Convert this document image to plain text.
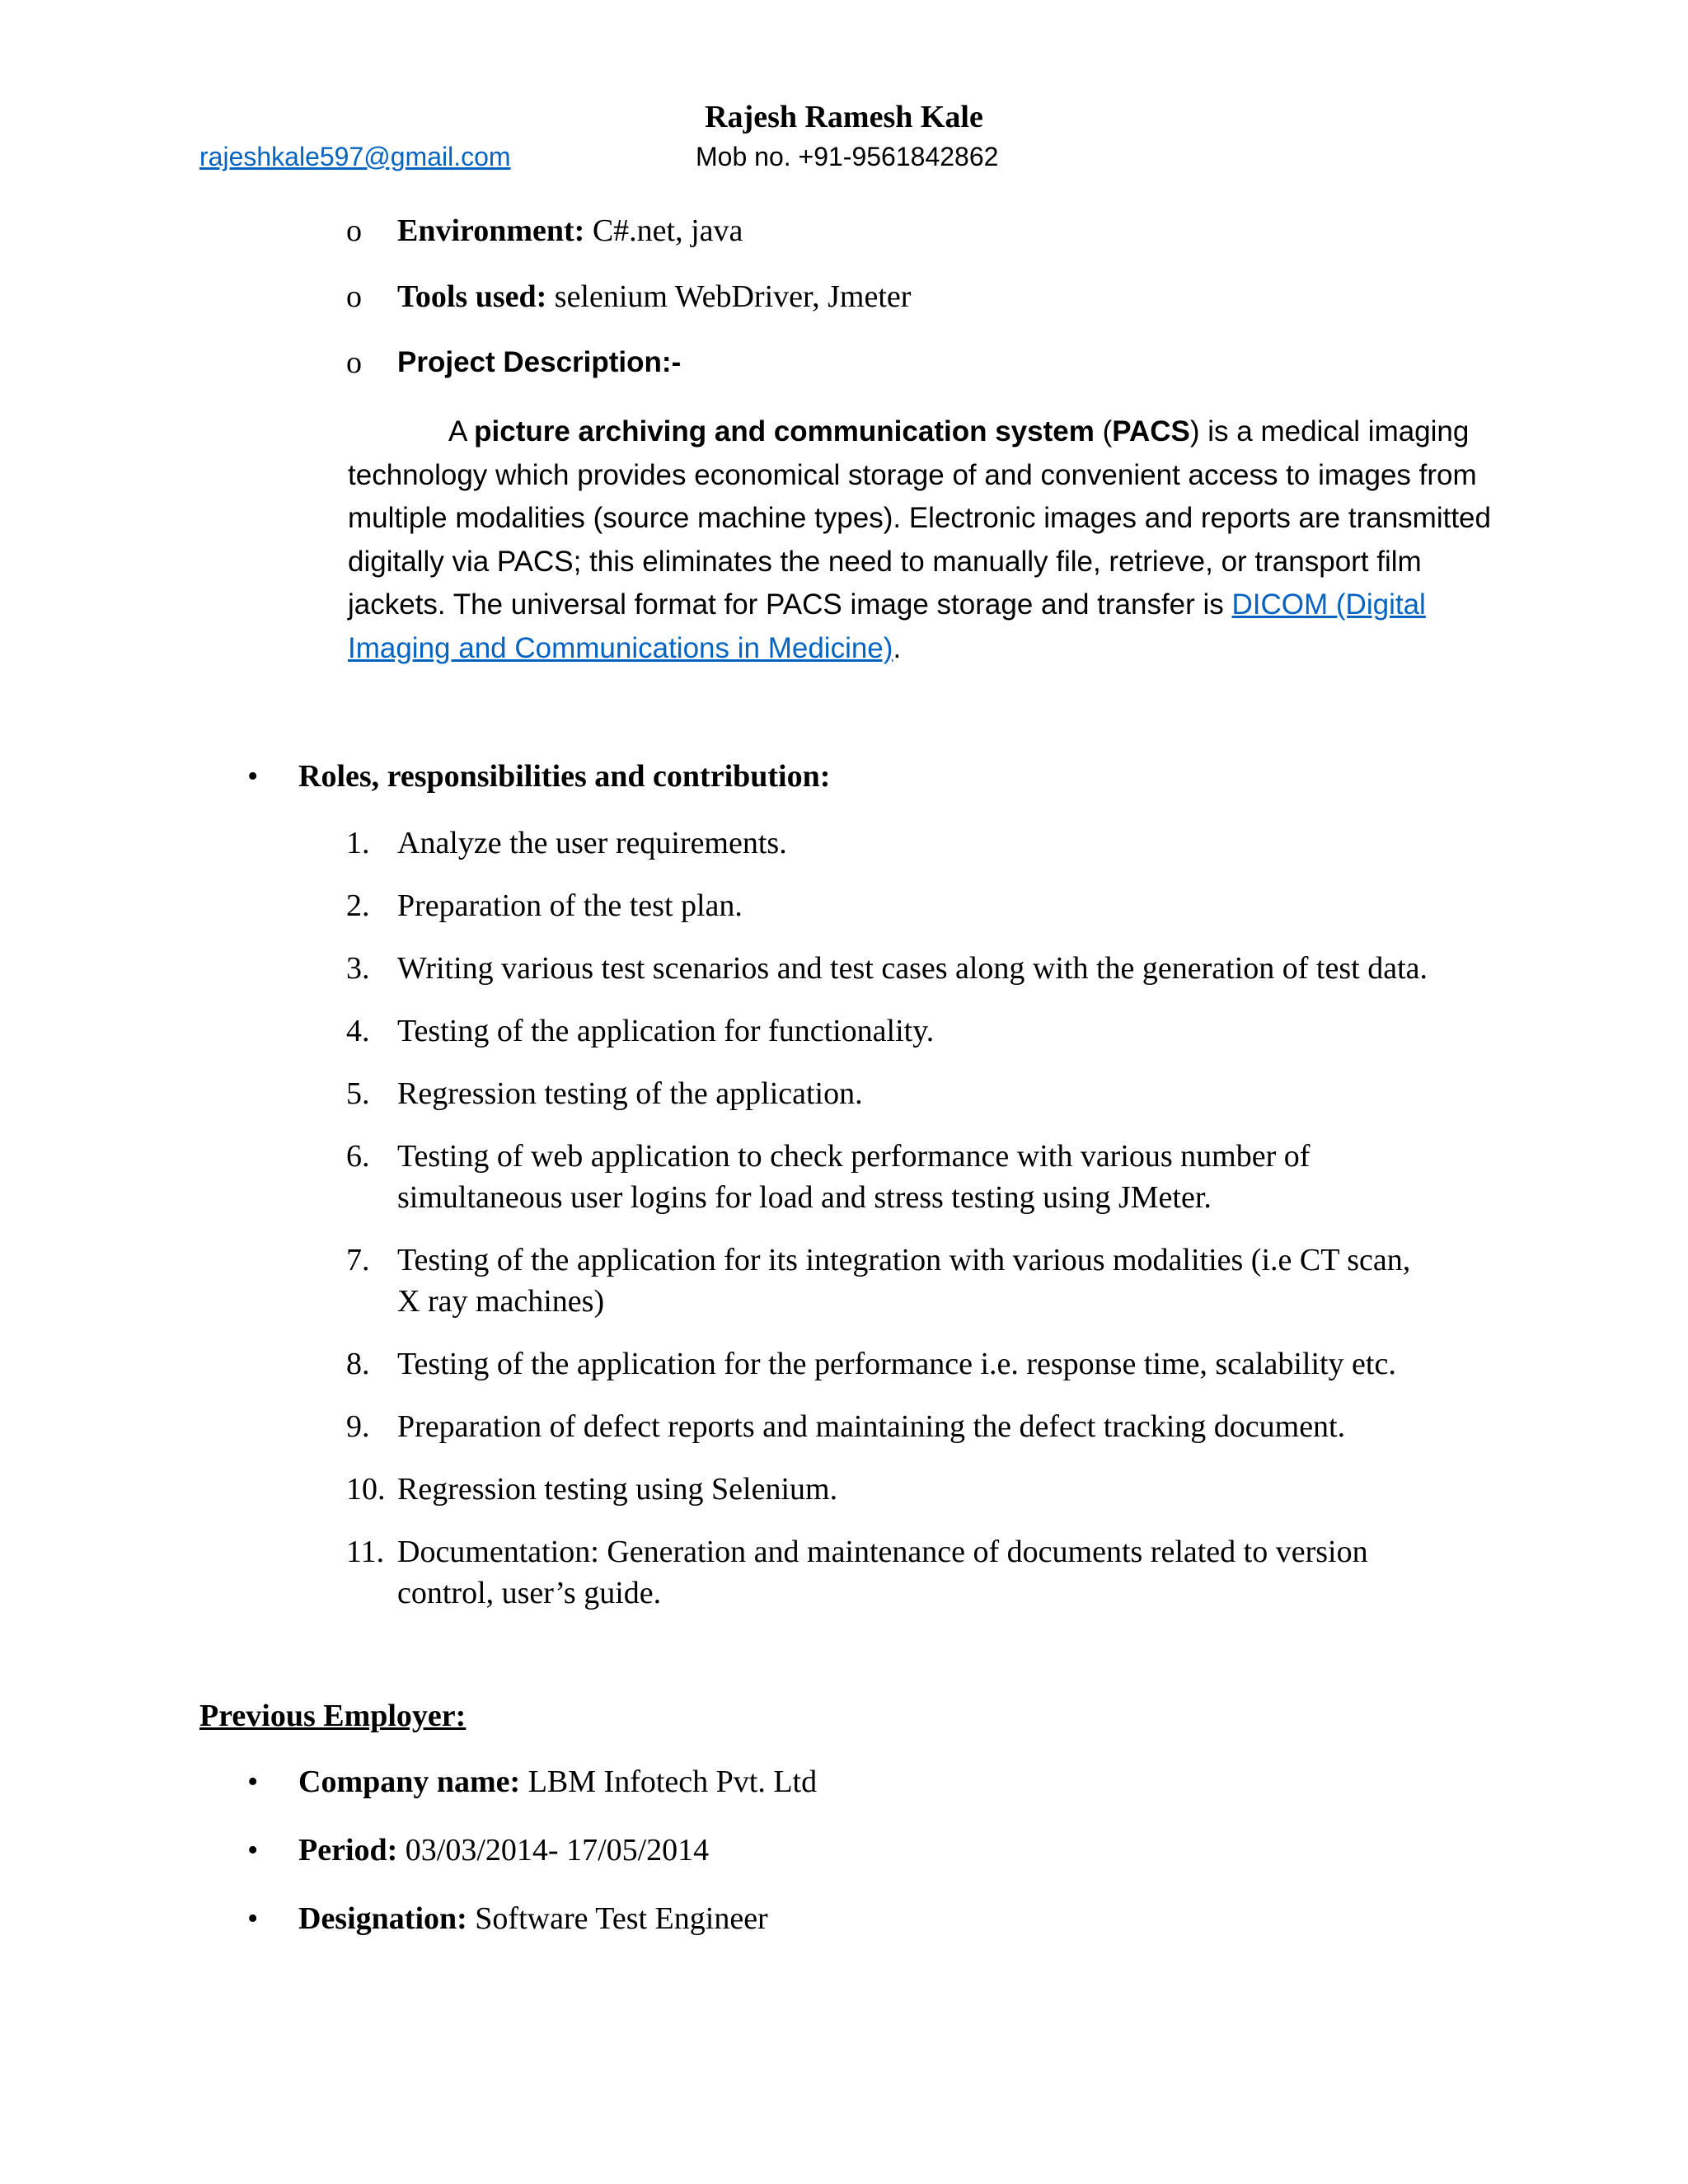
Rajesh Ramesh Kale
rajeshkale597@gmail.com	Mob no. +91-9561842862
o Environment: C#.net, java
o Tools used: selenium WebDriver, Jmeter
o Project Description:-

A picture archiving and communication system (PACS) is a medical imaging technology which provides economical storage of and convenient access to images from multiple modalities (source machine types). Electronic images and reports are transmitted digitally via PACS; this eliminates the need to manually file, retrieve, or transport film jackets. The universal format for PACS image storage and transfer is DICOM (Digital Imaging and Communications in Medicine).

• Roles, responsibilities and contribution:
1. Analyze the user requirements.
2. Preparation of the test plan.
3. Writing various test scenarios and test cases along with the generation of test data.
4. Testing of the application for functionality.
5. Regression testing of the application.
6. Testing of web application to check performance with various number of
simultaneous user logins for load and stress testing using JMeter.
7. Testing of the application for its integration with various modalities (i.e CT scan,
X ray machines)
8. Testing of the application for the performance i.e. response time, scalability etc.
9. Preparation of defect reports and maintaining the defect tracking document.
10. Regression testing using Selenium.
11. Documentation: Generation and maintenance of documents related to version
control, user’s guide.
Previous Employer:
• Company name: LBM Infotech Pvt. Ltd
• Period: 03/03/2014- 17/05/2014
• Designation: Software Test Engineer
